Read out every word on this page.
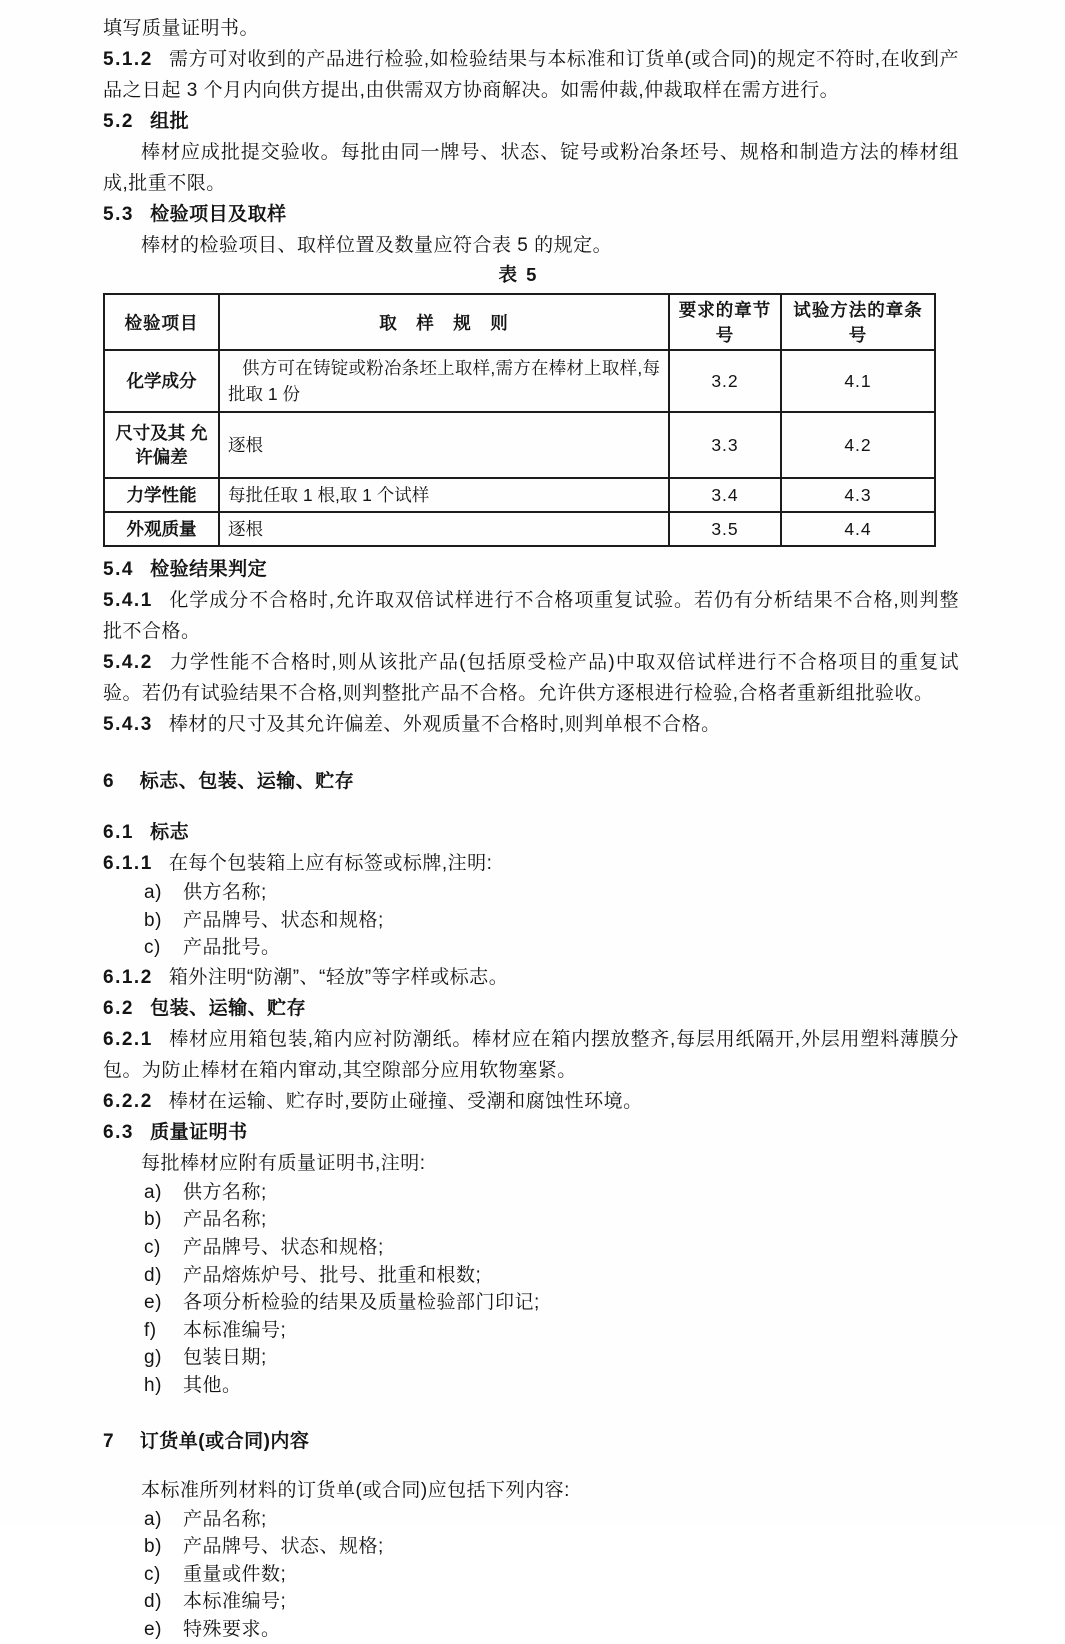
填写质量证明书。

5.1.2 需方可对收到的产品进行检验,如检验结果与本标准和订货单(或合同)的规定不符时,在收到产品之日起 3 个月内向供方提出,由供需双方协商解决。如需仲裁,仲裁取样在需方进行。

5.2 组批

棒材应成批提交验收。每批由同一牌号、状态、锭号或粉冶条坯号、规格和制造方法的棒材组成,批重不限。

5.3 检验项目及取样

棒材的检验项目、取样位置及数量应符合表 5 的规定。

表 5
检验项目	取　样　规　则	要求的章节号	试验方法的章条号
化学成分	供方可在铸锭或粉冶条坯上取样,需方在棒材上取样,每批取 1 份	3.2	4.1
尺寸及其 允许偏差	逐根	3.3	4.2
力学性能	每批任取 1 根,取 1 个试样	3.4	4.3
外观质量	逐根	3.5	4.4

5.4 检验结果判定

5.4.1 化学成分不合格时,允许取双倍试样进行不合格项重复试验。若仍有分析结果不合格,则判整批不合格。

5.4.2 力学性能不合格时,则从该批产品(包括原受检产品)中取双倍试样进行不合格项目的重复试验。若仍有试验结果不合格,则判整批产品不合格。允许供方逐根进行检验,合格者重新组批验收。

5.4.3 棒材的尺寸及其允许偏差、外观质量不合格时,则判单根不合格。

6 标志、包装、运输、贮存

6.1 标志

6.1.1 在每个包装箱上应有标签或标牌,注明:

a)	供方名称;
b)	产品牌号、状态和规格;
c)	产品批号。

6.1.2 箱外注明“防潮”、“轻放”等字样或标志。

6.2 包装、运输、贮存

6.2.1 棒材应用箱包装,箱内应衬防潮纸。棒材应在箱内摆放整齐,每层用纸隔开,外层用塑料薄膜分包。为防止棒材在箱内窜动,其空隙部分应用软物塞紧。

6.2.2 棒材在运输、贮存时,要防止碰撞、受潮和腐蚀性环境。

6.3 质量证明书

每批棒材应附有质量证明书,注明:

a)	供方名称;
b)	产品名称;
c)	产品牌号、状态和规格;
d)	产品熔炼炉号、批号、批重和根数;
e)	各项分析检验的结果及质量检验部门印记;
f)	本标准编号;
g)	包装日期;
h)	其他。

7 订货单(或合同)内容

本标准所列材料的订货单(或合同)应包括下列内容:

a)	产品名称;
b)	产品牌号、状态、规格;
c)	重量或件数;
d)	本标准编号;
e)	特殊要求。
